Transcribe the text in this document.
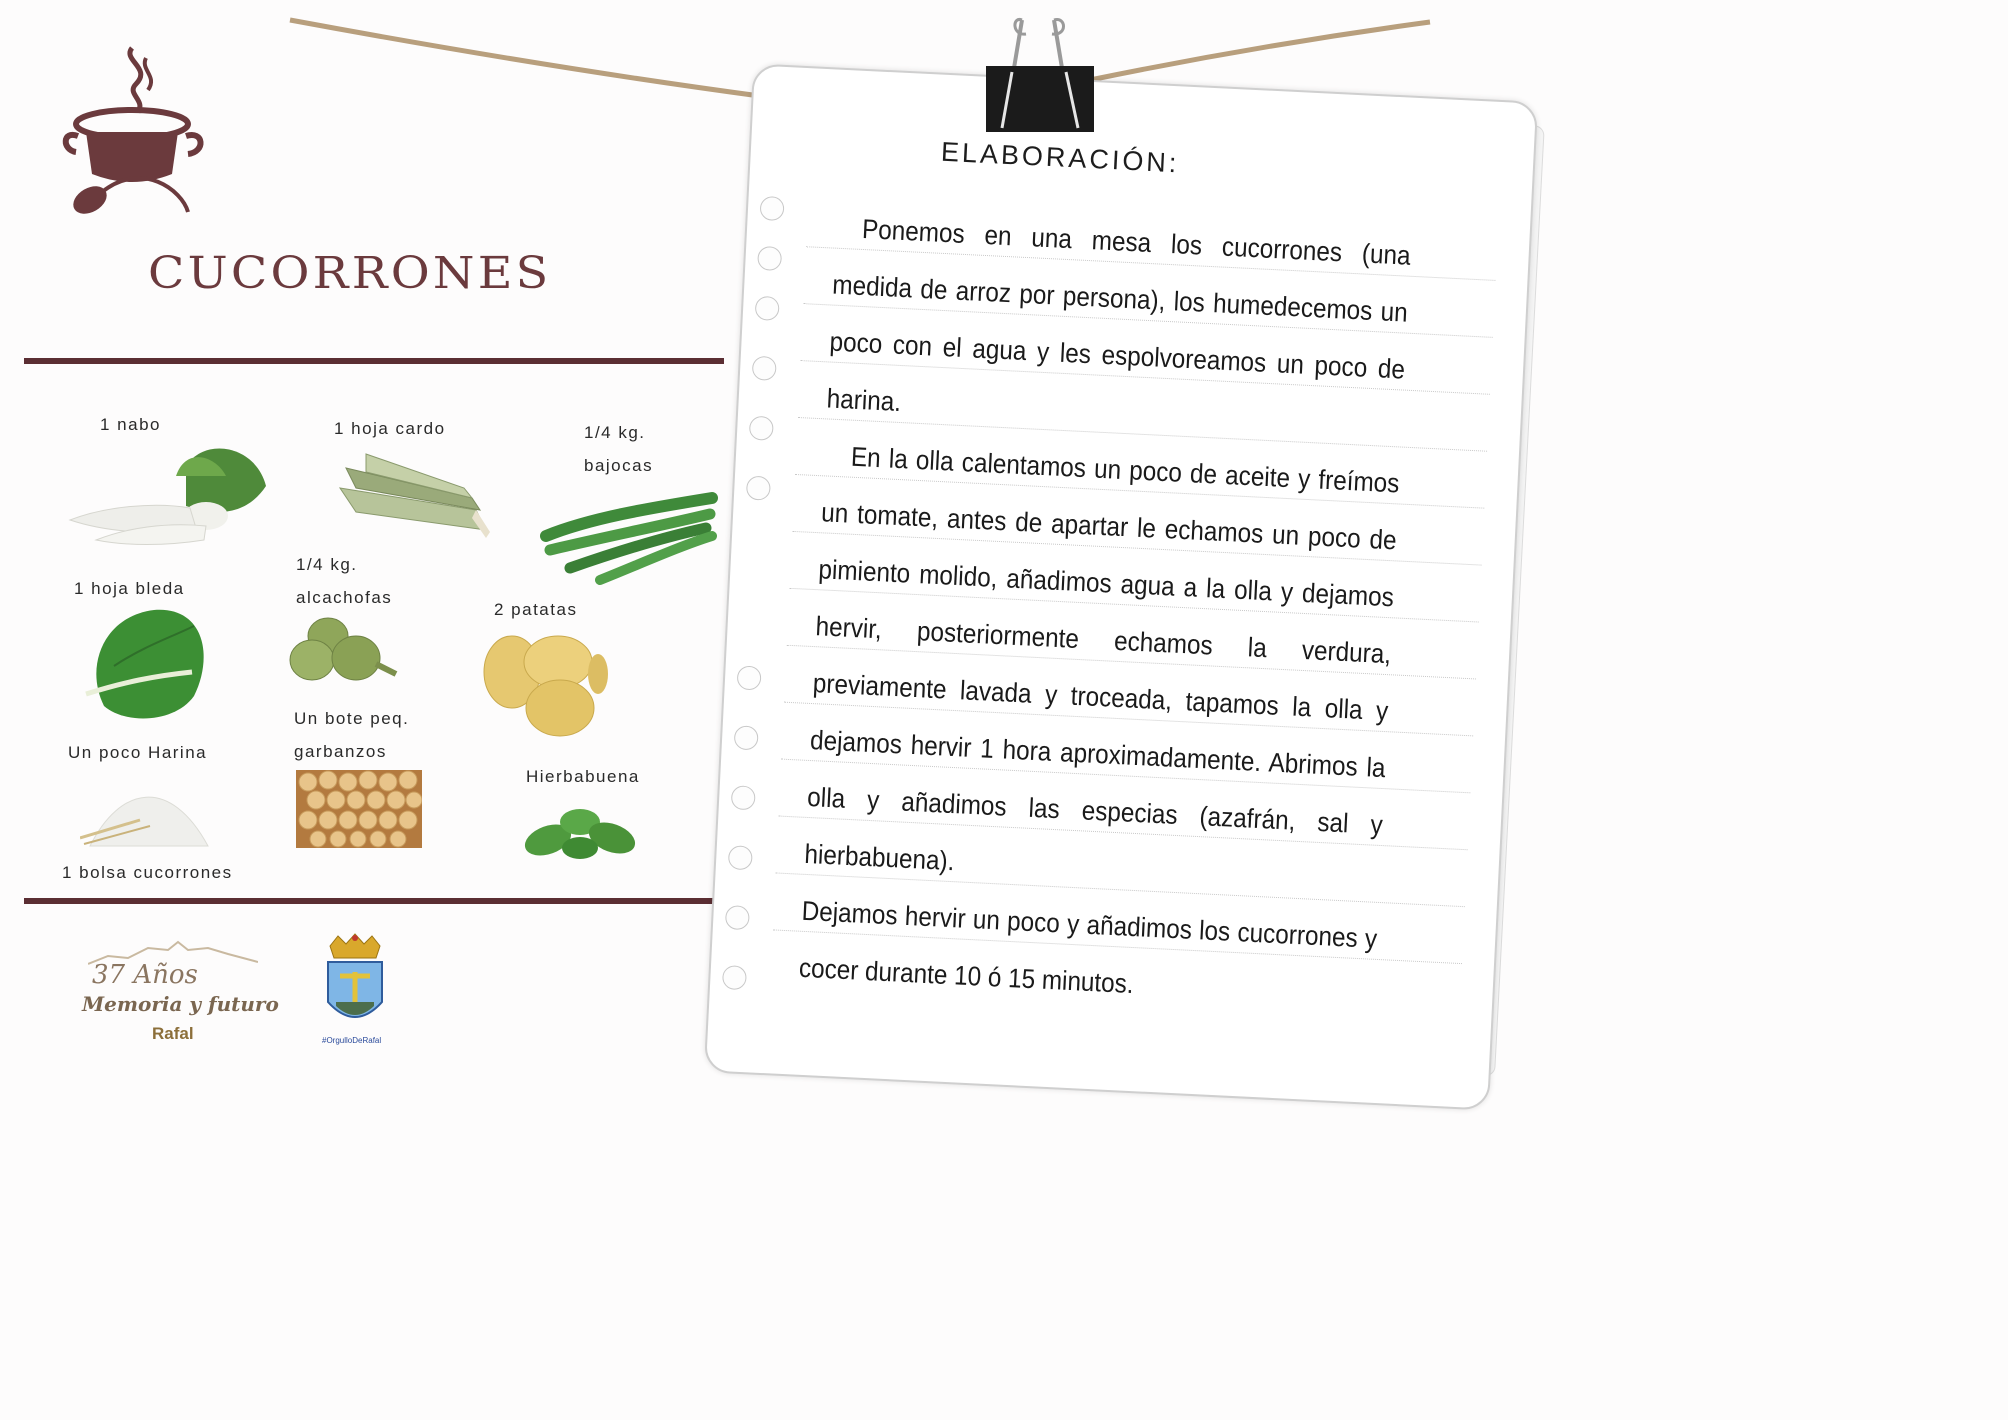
CUCORRONES
1 nabo	1 hoja cardo	1/4 kg.
bajocas
1 hoja bleda
1/4 kg.
alcachofas
2 patatas
Un poco Harina
Un bote peq.
garbanzos
Hierbabuena
1 bolsa cucorrones
37 Años
Memoria y futuro
Rafal	#OrgulloDeRafal
ELABORACIÓN:

Ponemos en una mesa los cucorrones (una medida de arroz por persona), los humedecemos un poco con el agua y les espolvoreamos un poco de harina.

En la olla calentamos un poco de aceite y freímos un tomate, antes de apartar le echamos un poco de pimiento molido, añadimos agua a la olla y dejamos hervir, posteriormente echamos la verdura, previamente lavada y troceada, tapamos la olla y dejamos hervir 1 hora aproximadamente. Abrimos la olla y añadimos las especias (azafrán, sal y hierbabuena).

Dejamos hervir un poco y añadimos los cucorrones y cocer durante 10 ó 15 minutos.
